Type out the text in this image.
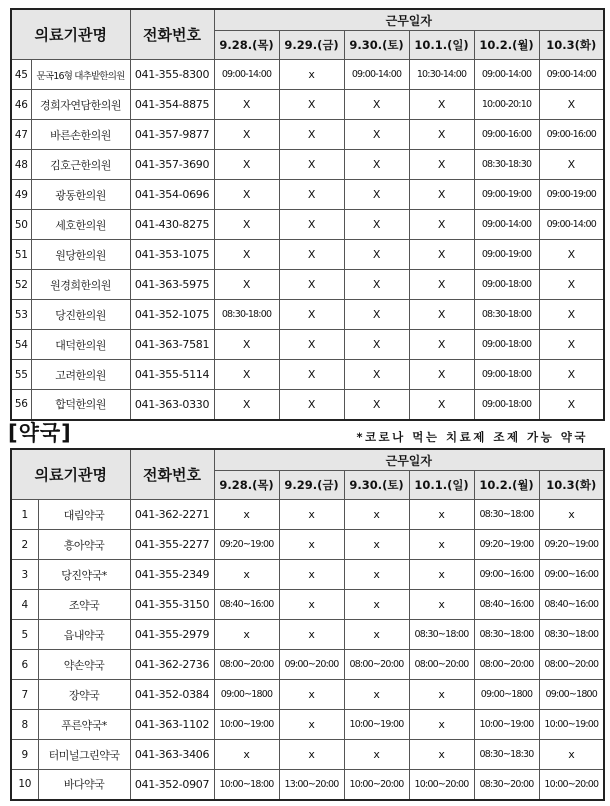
의료기관명		전화번호	근무일자					
			9.28.(목)	9.29.(금)	9.30.(토)	10.1.(일)	10.2.(월)	10.3(화)
45	문곡16형 대추밭한의원	041-355-8300	09:00-14:00	x	09:00-14:00	10:30-14:00	09:00-14:00	09:00-14:00
46	경희자연담한의원	041-354-8875	X	X	X	X	10:00-20:10	X
47	바른손한의원	041-357-9877	X	X	X	X	09:00-16:00	09:00-16:00
48	김호근한의원	041-357-3690	X	X	X	X	08:30-18:30	X
49	광동한의원	041-354-0696	X	X	X	X	09:00-19:00	09:00-19:00
50	세호한의원	041-430-8275	X	X	X	X	09:00-14:00	09:00-14:00
51	원당한의원	041-353-1075	X	X	X	X	09:00-19:00	X
52	원경희한의원	041-363-5975	X	X	X	X	09:00-18:00	X
53	당진한의원	041-352-1075	08:30-18:00	X	X	X	08:30-18:00	X
54	대덕한의원	041-363-7581	X	X	X	X	09:00-18:00	X
55	고려한의원	041-355-5114	X	X	X	X	09:00-18:00	X
56	합덕한의원	041-363-0330	X	X	X	X	09:00-18:00	X
[약국]	*코로나 먹는 치료제 조제 가능 약국
의료기관명		전화번호	근무일자					
			9.28.(목)	9.29.(금)	9.30.(토)	10.1.(일)	10.2.(월)	10.3(화)
1	대림약국	041-362-2271	x	x	x	x	08:30~18:00	x
2	흥아약국	041-355-2277	09:20~19:00	x	x	x	09:20~19:00	09:20~19:00
3	당진약국*	041-355-2349	x	x	x	x	09:00~16:00	09:00~16:00
4	조약국	041-355-3150	08:40~16:00	x	x	x	08:40~16:00	08:40~16:00
5	읍내약국	041-355-2979	x	x	x	08:30~18:00	08:30~18:00	08:30~18:00
6	약손약국	041-362-2736	08:00~20:00	09:00~20:00	08:00~20:00	08:00~20:00	08:00~20:00	08:00~20:00
7	장약국	041-352-0384	09:00~1800	x	x	x	09:00~1800	09:00~1800
8	푸른약국*	041-363-1102	10:00~19:00	x	10:00~19:00	x	10:00~19:00	10:00~19:00
9	터미널그린약국	041-363-3406	x	x	x	x	08:30~18:30	x
10	바다약국	041-352-0907	10:00~18:00	13:00~20:00	10:00~20:00	10:00~20:00	08:30~20:00	10:00~20:00
